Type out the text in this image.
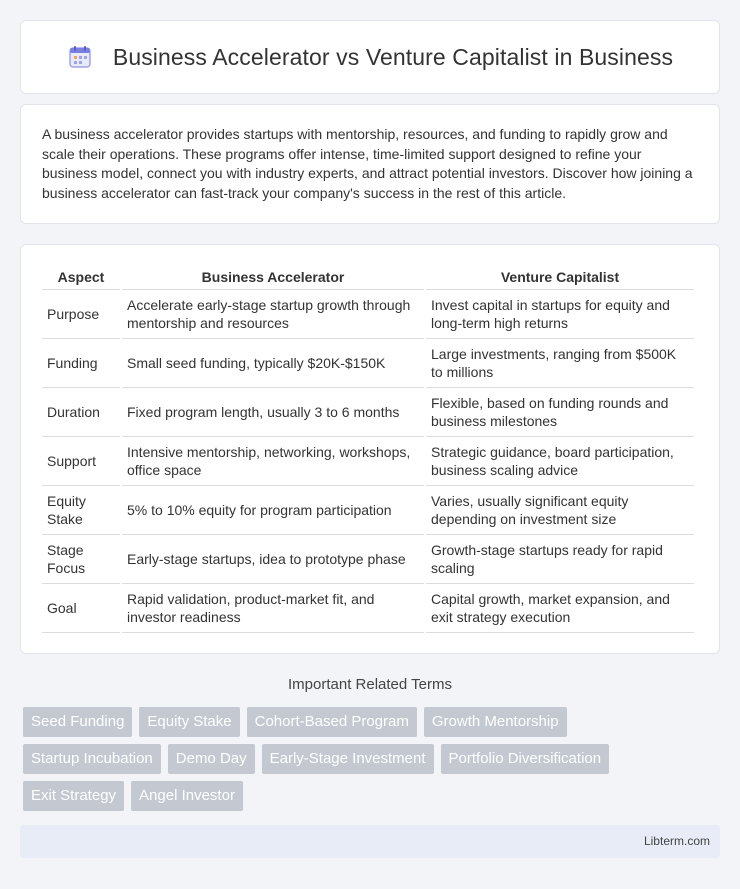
Business Accelerator vs Venture Capitalist in Business

A business accelerator provides startups with mentorship, resources, and funding to rapidly grow and scale their operations. These programs offer intense, time-limited support designed to refine your business model, connect you with industry experts, and attract potential investors. Discover how joining a business accelerator can fast-track your company's success in the rest of this article.

Aspect	Business Accelerator	Venture Capitalist
Purpose	Accelerate early-stage startup growth through mentorship and resources	Invest capital in startups for equity and long-term high returns
Funding	Small seed funding, typically $20K-$150K	Large investments, ranging from $500K to millions
Duration	Fixed program length, usually 3 to 6 months	Flexible, based on funding rounds and business milestones
Support	Intensive mentorship, networking, workshops, office space	Strategic guidance, board participation, business scaling advice
Equity Stake	5% to 10% equity for program participation	Varies, usually significant equity depending on investment size
Stage Focus	Early-stage startups, idea to prototype phase	Growth-stage startups ready for rapid scaling
Goal	Rapid validation, product-market fit, and investor readiness	Capital growth, market expansion, and exit strategy execution
Important Related Terms
Seed Funding	Equity Stake	Cohort-Based Program	Growth Mentorship
Startup Incubation	Demo Day	Early-Stage Investment	Portfolio Diversification
Exit Strategy	Angel Investor
Libterm.com
